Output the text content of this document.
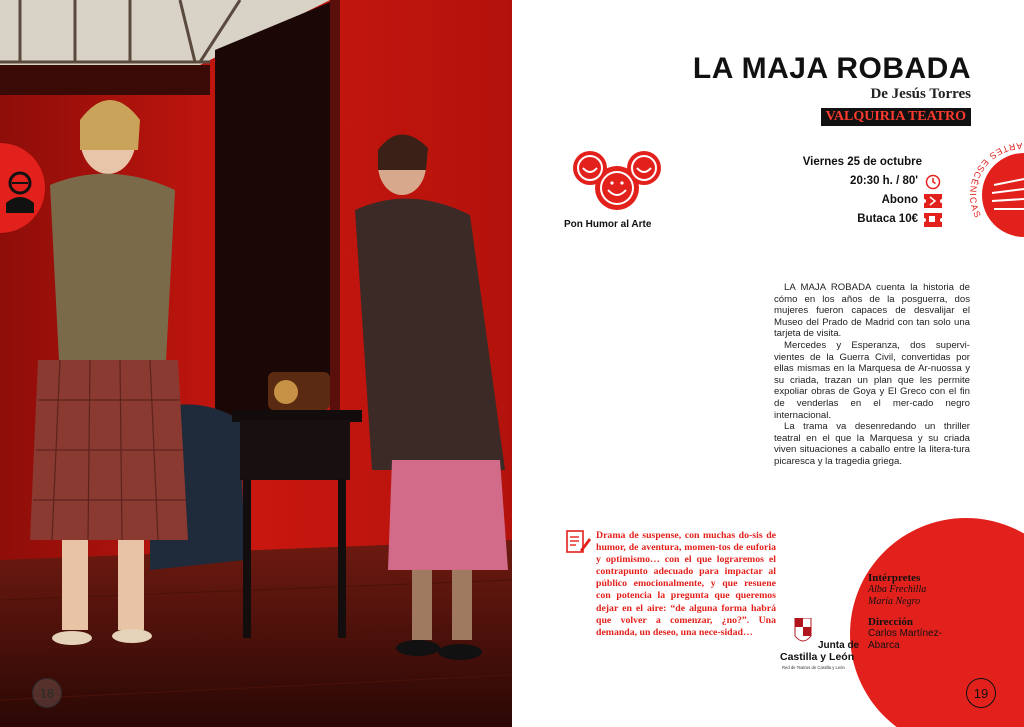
18
LA MAJA ROBADA
De Jesús Torres
VALQUIRIA TEATRO
ARTES ESCÉNICAS
Pon Humor al Arte
Viernes 25 de octubre
20:30 h. / 80'
Abono
Butaca 10€

LA MAJA ROBADA cuenta la historia de cómo en los años de la posguerra, dos mujeres fueron capaces de desvalijar el Museo del Prado de Madrid con tan solo una tarjeta de visita.

Mercedes y Esperanza, dos supervi-vientes de la Guerra Civil, convertidas por ellas mismas en la Marquesa de Ar-nuossa y su criada, trazan un plan que les permite expoliar obras de Goya y El Greco con el fin de venderlas en el mer-cado negro internacional.

La trama va desenredando un thriller teatral en el que la Marquesa y su criada viven situaciones a caballo entre la litera-tura picaresca y la tragedia griega.

Drama de suspense, con muchas do-sis de humor, de aventura, momen-tos de euforia y optimismo… con el que lograremos el contrapunto adecuado para impactar al público emocionalmente, y que resuene con potencia la pregunta que queremos dejar en el aire: “de alguna forma habrá que volver a comenzar, ¿no?”. Una demanda, un deseo, una nece-sidad…
Junta de
Castilla y León
Red de Teatros de Castilla y León
Intérpretes
Alba Frechilla
María Negro
Dirección
Carlos Martínez-
Abarca
19
